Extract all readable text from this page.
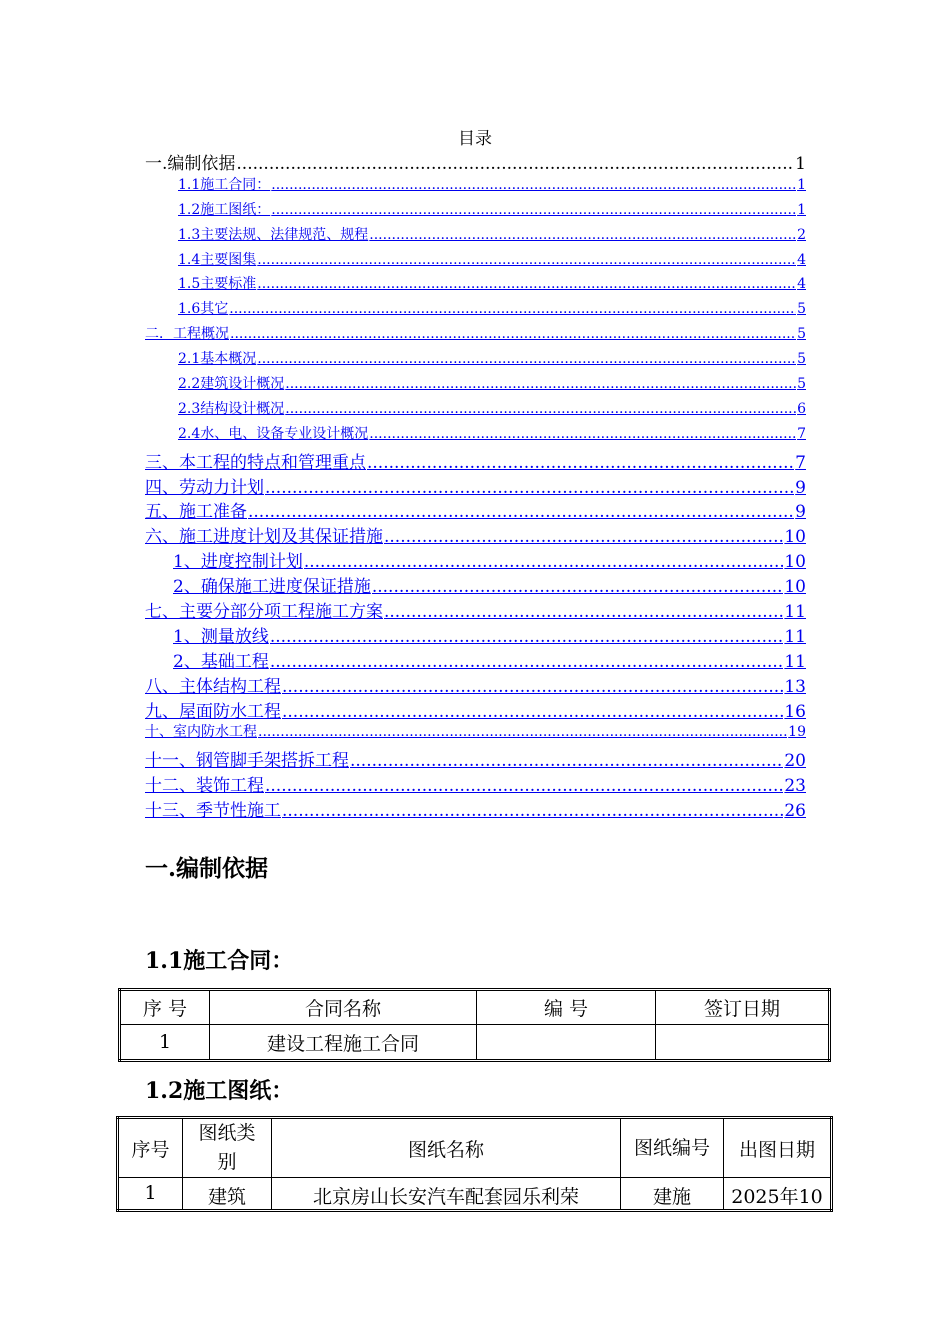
目录
一.编制依据 .....	1
1.1施工合同： .....	1
1.2施工图纸： .....	1
1.3主要法规、法律规范、规程 .....	2
1.4主要图集 .....	4
1.5主要标准 .....	4
1.6其它 .....	5
二．工程概况 .....	5
2.1基本概况 .....	5
2.2建筑设计概况 .....	5
2.3结构设计概况 .....	6
2.4水、电、设备专业设计概况 .....	7
三、本工程的特点和管理重点 .....	7
四、劳动力计划 .....	9
五、施工准备 .....	9
六、施工进度计划及其保证措施 .....	10
1、进度控制计划 .....	10
2、确保施工进度保证措施 .....	10
七、主要分部分项工程施工方案 .....	11
1、测量放线 .....	11
2、基础工程 .....	11
八、主体结构工程 .....	13
九、屋面防水工程 .....	16
十、室内防水工程 .....	19
十一、钢管脚手架搭拆工程 .....	20
十二、装饰工程 .....	23
十三、季节性施工 .....	26
一.编制依据
1.1施工合同：
序 号	合同名称	编 号	签订日期
1	建设工程施工合同		
1.2施工图纸：
序号	图纸类别	图纸名称	图纸编号	出图日期
1	建筑	北京房山长安汽车配套园乐利荣	建施	2025年10
